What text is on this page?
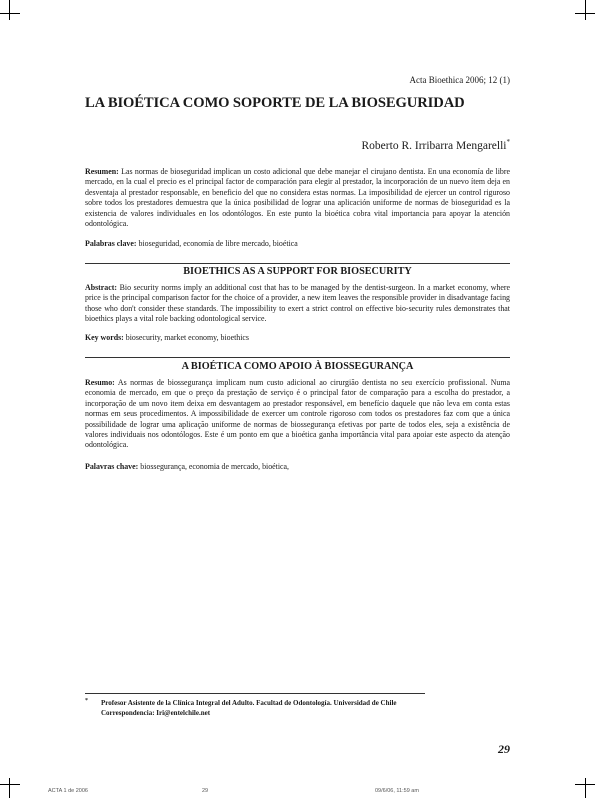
Acta Bioethica 2006; 12 (1)
LA BIOÉTICA COMO SOPORTE DE LA BIOSEGURIDAD
Roberto R. Irribarra Mengarelli*

Resumen: Las normas de bioseguridad implican un costo adicional que debe manejar el cirujano dentista. En una economía de libre mercado, en la cual el precio es el principal factor de comparación para elegir al prestador, la incorporación de un nuevo ítem deja en desventaja al prestador responsable, en beneficio del que no considera estas normas. La imposibilidad de ejercer un control riguroso sobre todos los prestadores demuestra que la única posibilidad de lograr una aplicación uniforme de normas de bioseguridad es la existencia de valores individuales en los odontólogos. En este punto la bioética cobra vital importancia para apoyar la atención odontológica.

Palabras clave: bioseguridad, economía de libre mercado, bioética

BIOETHICS AS A SUPPORT FOR BIOSECURITY

Abstract: Bio security norms imply an additional cost that has to be managed by the dentist-surgeon. In a market economy, where price is the principal comparison factor for the choice of a provider, a new item leaves the responsible provider in disadvantage facing those who don't consider these standards. The impossibility to exert a strict control on effective bio-security rules demonstrates that bioethics plays a vital role backing odontological service.

Key words: biosecurity, market economy, bioethics

A BIOÉTICA COMO APOIO À BIOSSEGURANÇA

Resumo: As normas de biossegurança implicam num custo adicional ao cirurgião dentista no seu exercício profissional. Numa economia de mercado, em que o preço da prestação de serviço é o principal fator de comparação para a escolha do prestador, a incorporação de um novo item deixa em desvantagem ao prestador responsável, em benefício daquele que não leva em conta estas normas em seus procedimentos. A impossibilidade de exercer um controle rigoroso com todos os prestadores faz com que a única possibilidade de lograr uma aplicação uniforme de normas de biossegurança efetivas por parte de todos eles, seja a existência de valores individuais nos odontólogos. Este é um ponto em que a bioética ganha importância vital para apoiar este aspecto da atenção odontológica.

Palavras chave: biossegurança, economia de mercado, bioética,

* Profesor Asistente de la Clínica Integral del Adulto. Facultad de Odontología. Universidad de Chile
Correspondencia: Iri@entelchile.net
29
ACTA 1 de 2006	29	09/6/06, 11:59 am
